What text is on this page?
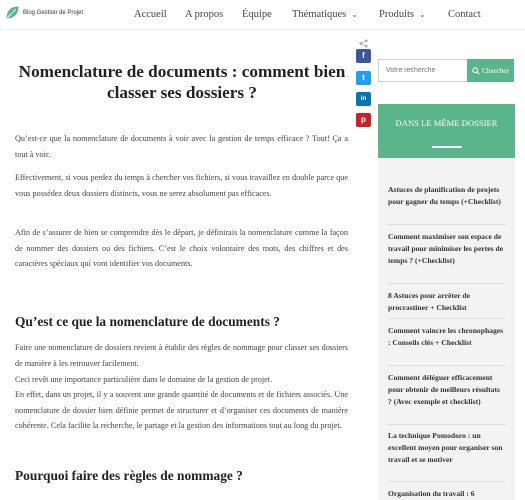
Blog Gestion de Projet	Accueil A propos Équipe Thématiques ⌄ Produits ⌄ Contact
Nomenclature de documents : comment bien classer ses dossiers ?

Qu’est-ce que la nomenclature de documents à voir avec la gestion de temps efficace ? Tout! Ça a tout à voir.

Effectivement, si vous perdez du temps à chercher vos fichiers, si vous travaillez en double parce que vous possédez deux dossiers distincts, vous ne serez absolument pas efficaces.

Afin de s’assurer de bien se comprendre dès le départ, je définirais la nomenclature comme la façon de nommer des dossiers ou des fichiers. C’est le choix volontaire des mots, des chiffres et des caractères spéciaux qui vont identifier vos documents.

Qu’est ce que la nomenclature de documents ?

Faire une nomenclature de dossiers revient à établir des règles de nommage pour classer ses dossiers de manière à les retrouver facilement.

Ceci revêt une importance particulière dans le domaine de la gestion de projet.

En effet, dans un projet, il y a souvent une grande quantité de documents et de fichiers associés. Une nomenclature de dossier bien définie permet de structurer et d’organiser ces documents de manière cohérente. Cela facilite la recherche, le partage et la gestion des informations tout au long du projet.

Pourquoi faire des règles de nommage ?
f
t
in
p
Votre recherche
Chercher
DANS LE MÊME DOSSIER
Astuces de planification de projets pour gagner du temps (+Checklist)
Comment maximiser son espace de travail pour minimiser les pertes de temps ? (+Checklist)
8 Astuces pour arrêter de procrastiner + Checklist
Comment vaincre les chronophages : Conseils clés + Checklist
Comment déléguer efficacement pour obtenir de meilleurs résultats ? (Avec exemple et checklist)
La technique Pomodoro : un excellent moyen pour organiser son travail et se motiver
Organisation du travail : 6
